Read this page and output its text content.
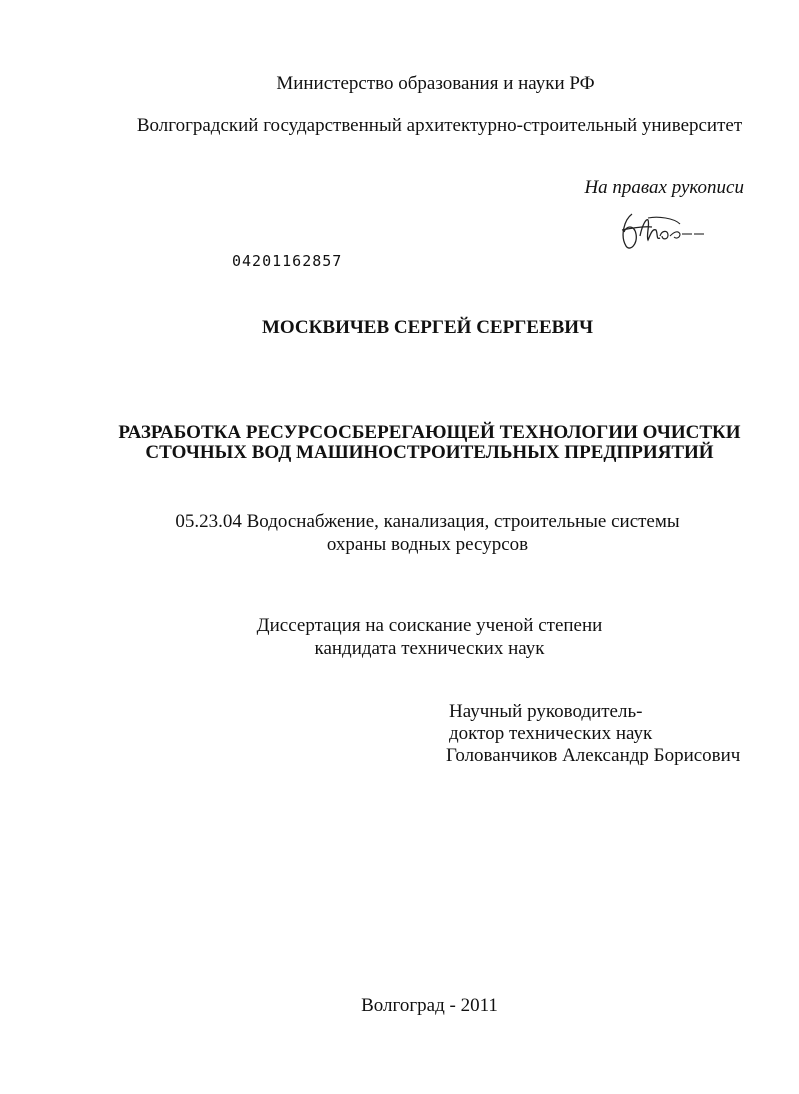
Министерство образования и науки РФ
Волгоградский государственный архитектурно-строительный университет
На правах рукописи
04201162857
МОСКВИЧЕВ СЕРГЕЙ СЕРГЕЕВИЧ
РАЗРАБОТКА РЕСУРСОСБЕРЕГАЮЩЕЙ ТЕХНОЛОГИИ ОЧИСТКИ
СТОЧНЫХ ВОД МАШИНОСТРОИТЕЛЬНЫХ ПРЕДПРИЯТИЙ
05.23.04 Водоснабжение, канализация, строительные системы
охраны водных ресурсов
Диссертация на соискание ученой степени
кандидата технических наук
Научный руководитель-
доктор технических наук
Голованчиков Александр Борисович
Волгоград - 2011
